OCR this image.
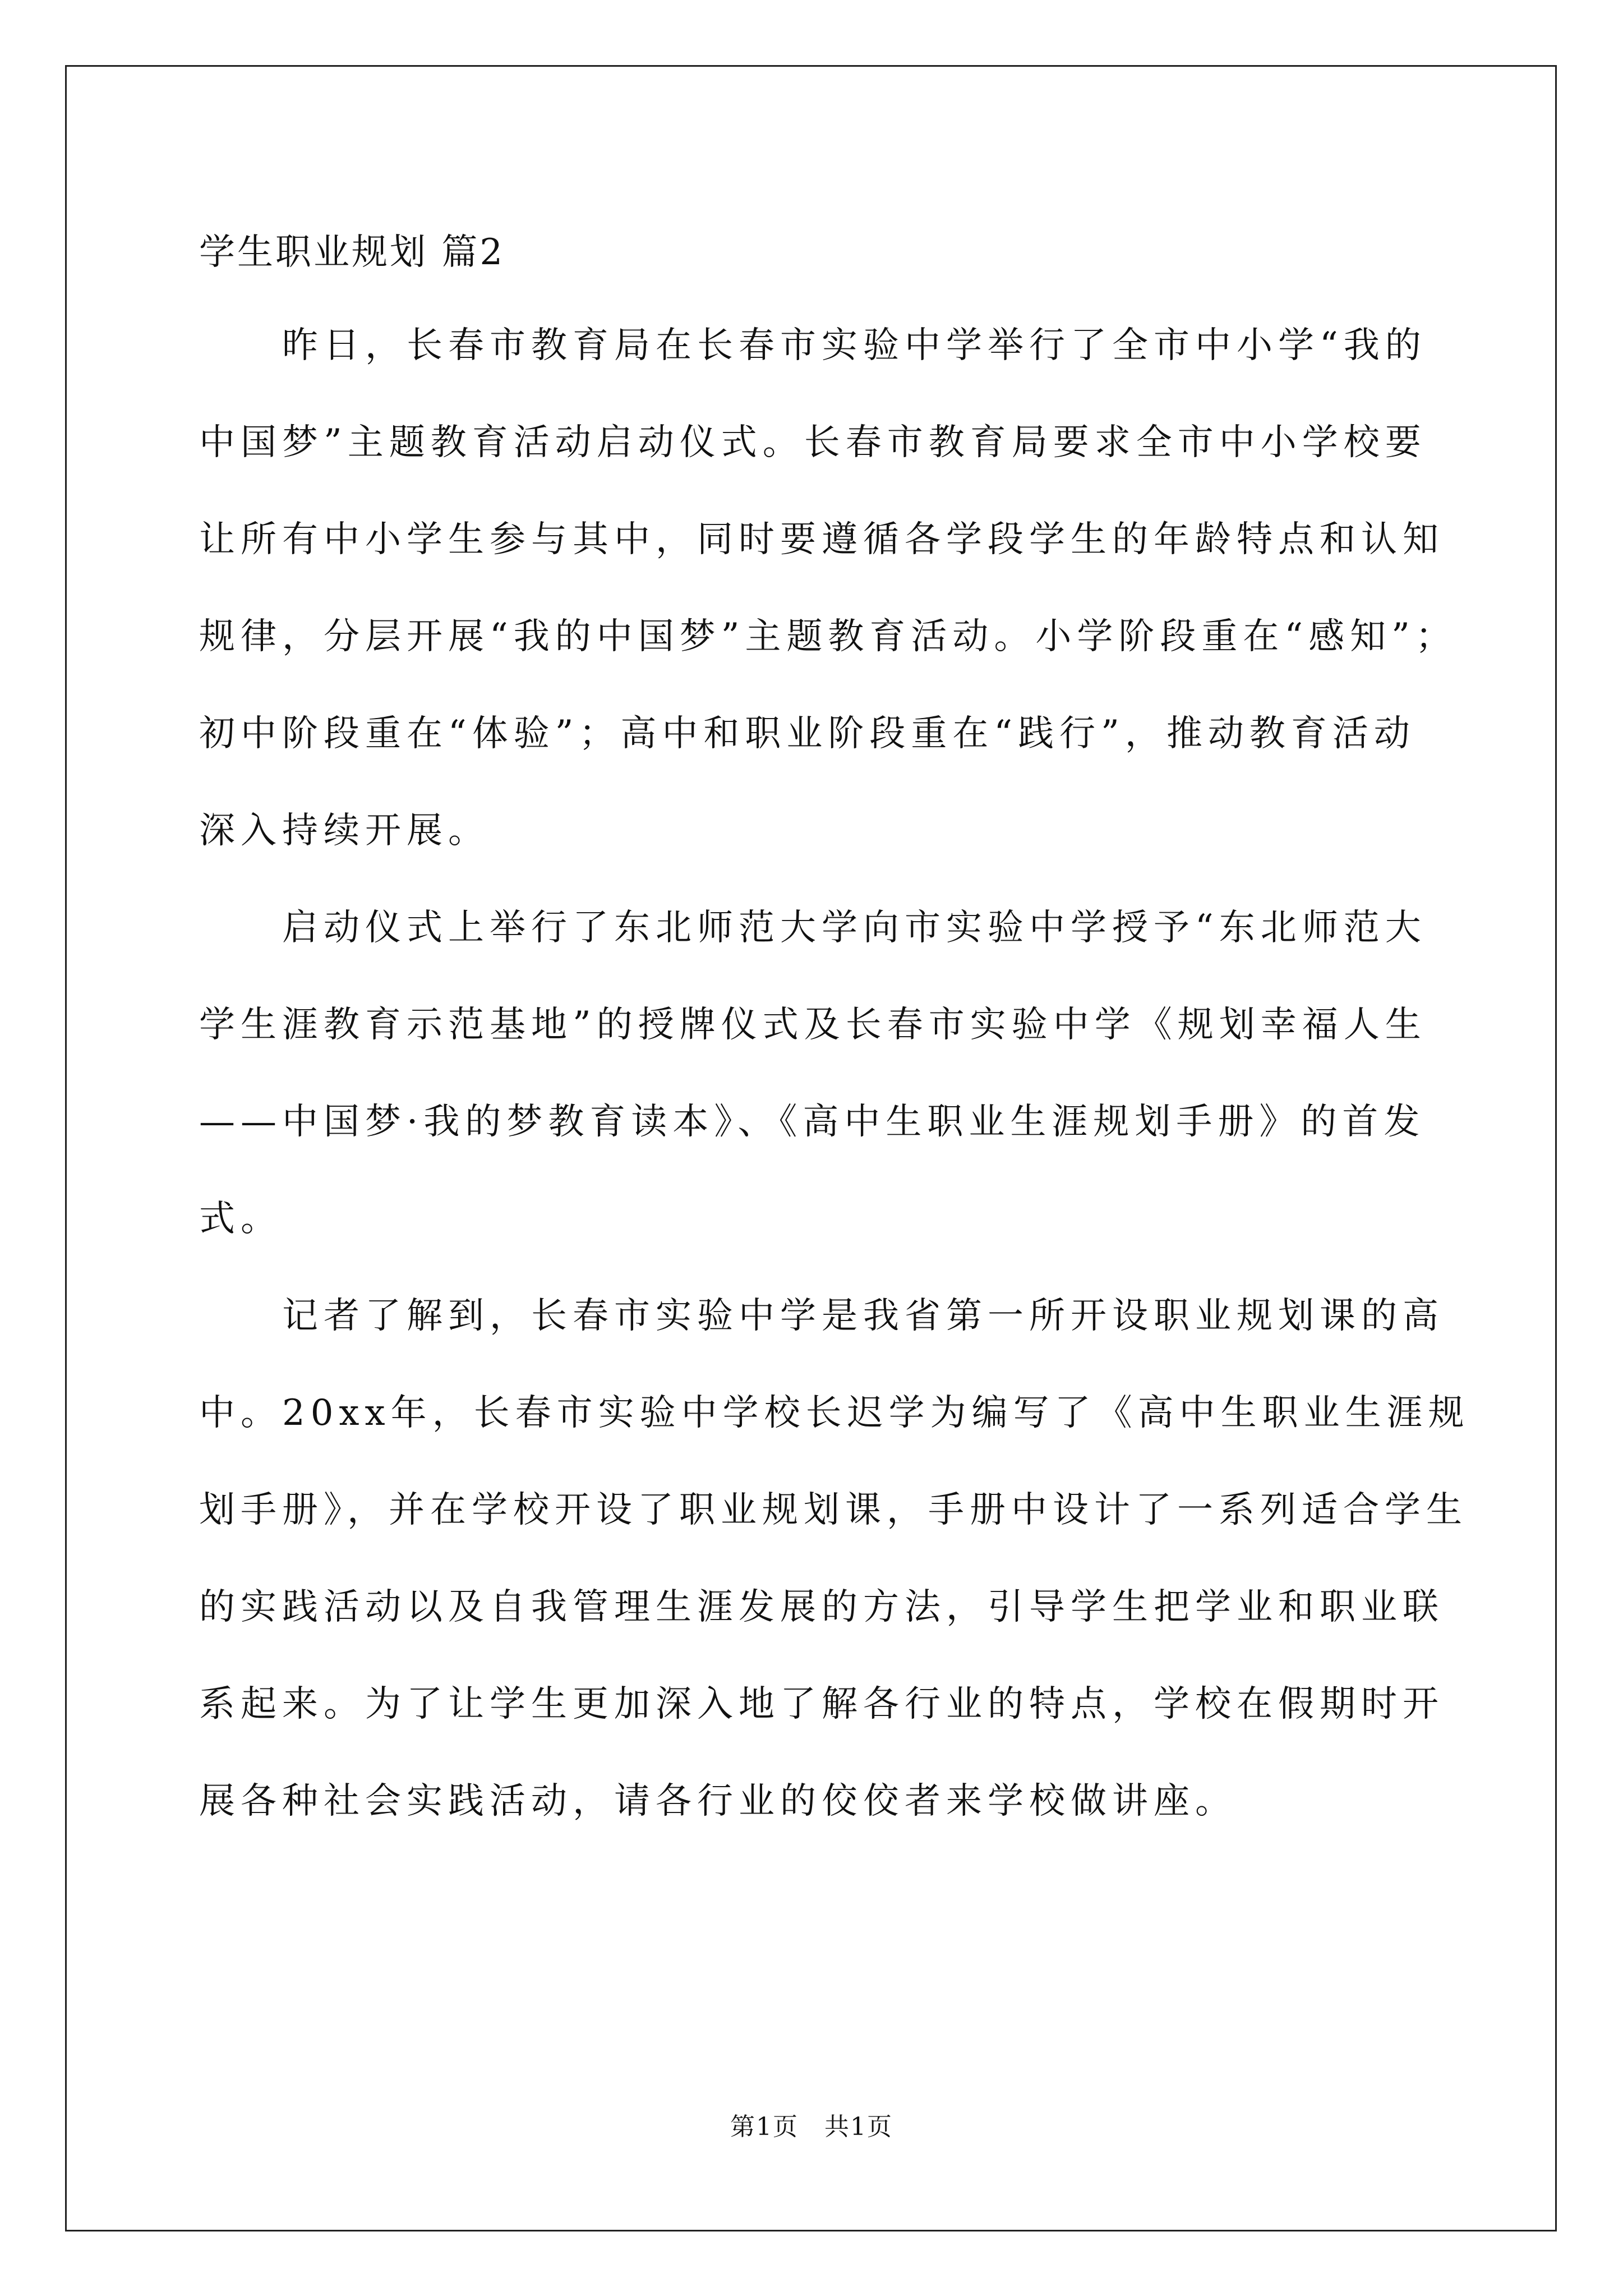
学生职业规划 篇2
昨日，长春市教育局在长春市实验中学举行了全市中小学“我的
中国梦”主题教育活动启动仪式。长春市教育局要求全市中小学校要
让所有中小学生参与其中，同时要遵循各学段学生的年龄特点和认知
规律，分层开展“我的中国梦”主题教育活动。小学阶段重在“感知”；
初中阶段重在“体验”；高中和职业阶段重在“践行”，推动教育活动
深入持续开展。
启动仪式上举行了东北师范大学向市实验中学授予“东北师范大
学生涯教育示范基地”的授牌仪式及长春市实验中学《规划幸福人生
——中国梦·我的梦教育读本》、《高中生职业生涯规划手册》的首发
式。
记者了解到，长春市实验中学是我省第一所开设职业规划课的高
中。20xx年，长春市实验中学校长迟学为编写了《高中生职业生涯规
划手册》，并在学校开设了职业规划课，手册中设计了一系列适合学生
的实践活动以及自我管理生涯发展的方法，引导学生把学业和职业联
系起来。为了让学生更加深入地了解各行业的特点，学校在假期时开
展各种社会实践活动，请各行业的佼佼者来学校做讲座。
第1页　共1页
